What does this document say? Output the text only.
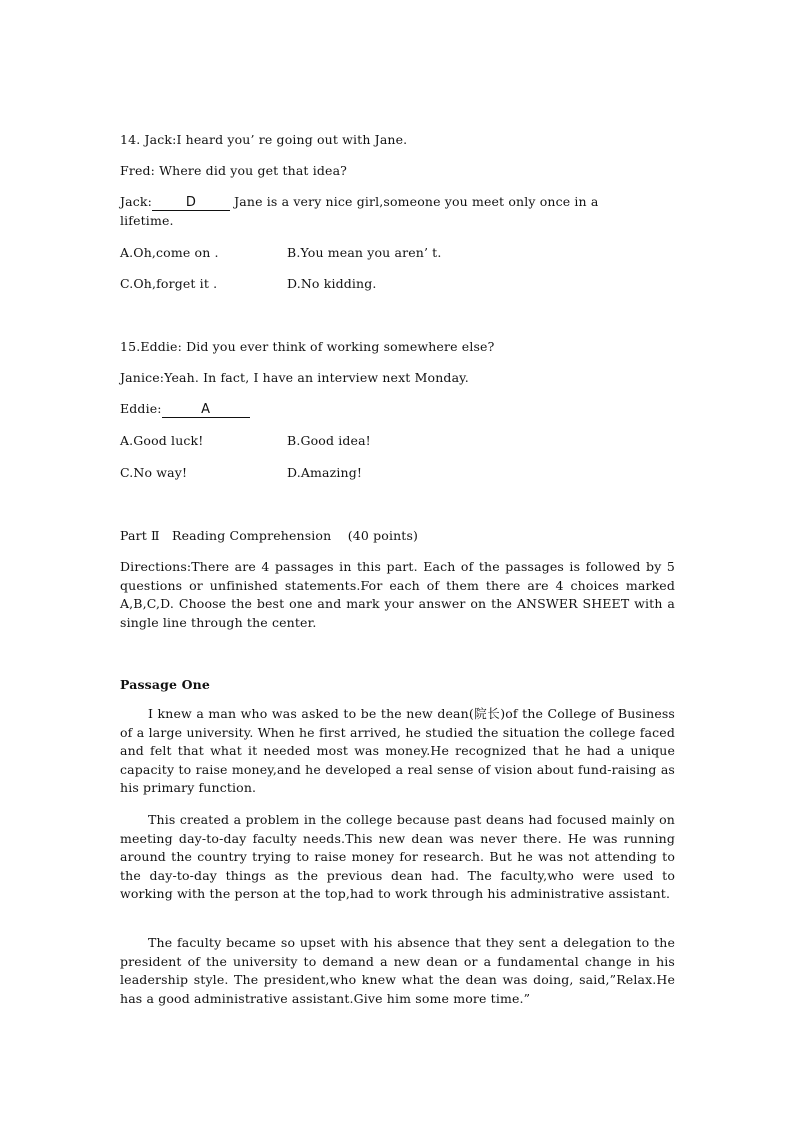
14. Jack:I heard you’ re going out with Jane.
Fred: Where did you get that idea?
Jack:	D	Jane is a very nice girl,someone you meet only once in a
lifetime.
A.Oh,come on .	B.You mean you aren’ t.
C.Oh,forget it .	D.No kidding.
15.Eddie: Did you ever think of working somewhere else?
Janice:Yeah. In fact, I have an interview next Monday.
Eddie:	A
A.Good luck!	B.Good idea!
C.No way!	D.Amazing!
Part Ⅱ   Reading Comprehension    (40 points)
Directions:There are 4 passages in this part. Each of the passages is followed by 5 questions or unfinished statements.For each of them there are 4 choices marked A,B,C,D. Choose the best one and mark your answer on the ANSWER SHEET with a single line through the center.
Passage One
I knew a man who was asked to be the new dean(院长)of the College of Business of a large university. When he first arrived, he studied the situation the college faced and felt that what it needed most was money.He recognized that he had a unique capacity to raise money,and he developed a real sense of vision about fund-raising as his primary function.
This created a problem in the college because past deans had focused mainly on meeting day-to-day faculty needs.This new dean was never there. He was running around the country trying to raise money for research. But he was not attending to the day-to-day things as the previous dean had. The faculty,who were used to working with the person at the top,had to work through his administrative assistant.
The faculty became so upset with his absence that they sent a delegation to the president of the university to demand a new dean or a fundamental change in his leadership style. The president,who knew what the dean was doing, said,”Relax.He has a good administrative assistant.Give him some more time.”
